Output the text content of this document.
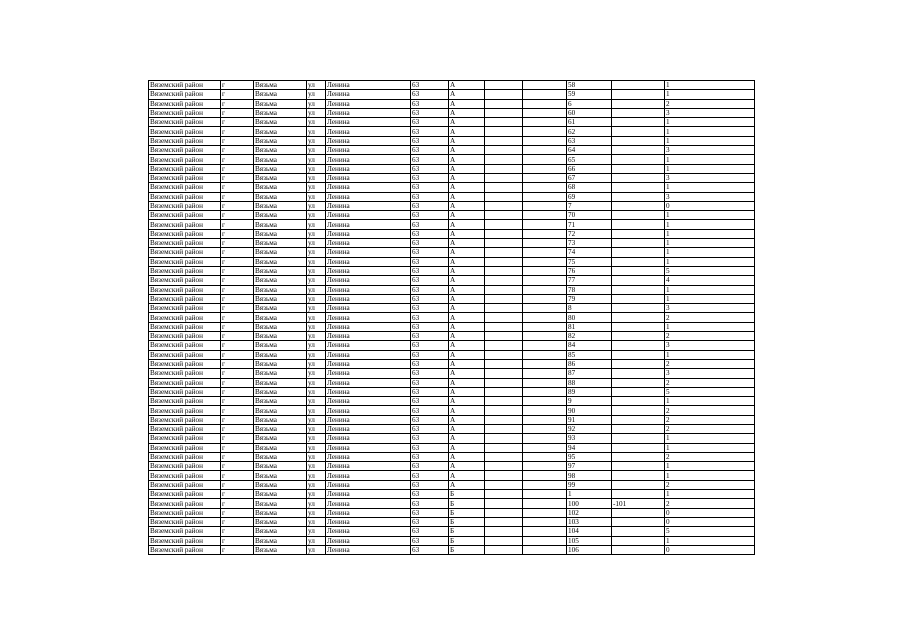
Вяземский район	г	Вязьма	ул	Ленина	63	А			58		1
Вяземский район	г	Вязьма	ул	Ленина	63	А			59		1
Вяземский район	г	Вязьма	ул	Ленина	63	А			6		2
Вяземский район	г	Вязьма	ул	Ленина	63	А			60		3
Вяземский район	г	Вязьма	ул	Ленина	63	А			61		1
Вяземский район	г	Вязьма	ул	Ленина	63	А			62		1
Вяземский район	г	Вязьма	ул	Ленина	63	А			63		1
Вяземский район	г	Вязьма	ул	Ленина	63	А			64		3
Вяземский район	г	Вязьма	ул	Ленина	63	А			65		1
Вяземский район	г	Вязьма	ул	Ленина	63	А			66		1
Вяземский район	г	Вязьма	ул	Ленина	63	А			67		3
Вяземский район	г	Вязьма	ул	Ленина	63	А			68		1
Вяземский район	г	Вязьма	ул	Ленина	63	А			69		3
Вяземский район	г	Вязьма	ул	Ленина	63	А			7		0
Вяземский район	г	Вязьма	ул	Ленина	63	А			70		1
Вяземский район	г	Вязьма	ул	Ленина	63	А			71		1
Вяземский район	г	Вязьма	ул	Ленина	63	А			72		1
Вяземский район	г	Вязьма	ул	Ленина	63	А			73		1
Вяземский район	г	Вязьма	ул	Ленина	63	А			74		1
Вяземский район	г	Вязьма	ул	Ленина	63	А			75		1
Вяземский район	г	Вязьма	ул	Ленина	63	А			76		5
Вяземский район	г	Вязьма	ул	Ленина	63	А			77		4
Вяземский район	г	Вязьма	ул	Ленина	63	А			78		1
Вяземский район	г	Вязьма	ул	Ленина	63	А			79		1
Вяземский район	г	Вязьма	ул	Ленина	63	А			8		3
Вяземский район	г	Вязьма	ул	Ленина	63	А			80		2
Вяземский район	г	Вязьма	ул	Ленина	63	А			81		1
Вяземский район	г	Вязьма	ул	Ленина	63	А			82		2
Вяземский район	г	Вязьма	ул	Ленина	63	А			84		3
Вяземский район	г	Вязьма	ул	Ленина	63	А			85		1
Вяземский район	г	Вязьма	ул	Ленина	63	А			86		2
Вяземский район	г	Вязьма	ул	Ленина	63	А			87		3
Вяземский район	г	Вязьма	ул	Ленина	63	А			88		2
Вяземский район	г	Вязьма	ул	Ленина	63	А			89		5
Вяземский район	г	Вязьма	ул	Ленина	63	А			9		1
Вяземский район	г	Вязьма	ул	Ленина	63	А			90		2
Вяземский район	г	Вязьма	ул	Ленина	63	А			91		2
Вяземский район	г	Вязьма	ул	Ленина	63	А			92		2
Вяземский район	г	Вязьма	ул	Ленина	63	А			93		1
Вяземский район	г	Вязьма	ул	Ленина	63	А			94		1
Вяземский район	г	Вязьма	ул	Ленина	63	А			95		2
Вяземский район	г	Вязьма	ул	Ленина	63	А			97		1
Вяземский район	г	Вязьма	ул	Ленина	63	А			98		1
Вяземский район	г	Вязьма	ул	Ленина	63	А			99		2
Вяземский район	г	Вязьма	ул	Ленина	63	Б			1		1
Вяземский район	г	Вязьма	ул	Ленина	63	Б			100	-101	2
Вяземский район	г	Вязьма	ул	Ленина	63	Б			102		0
Вяземский район	г	Вязьма	ул	Ленина	63	Б			103		0
Вяземский район	г	Вязьма	ул	Ленина	63	Б			104		5
Вяземский район	г	Вязьма	ул	Ленина	63	Б			105		1
Вяземский район	г	Вязьма	ул	Ленина	63	Б			106		0
